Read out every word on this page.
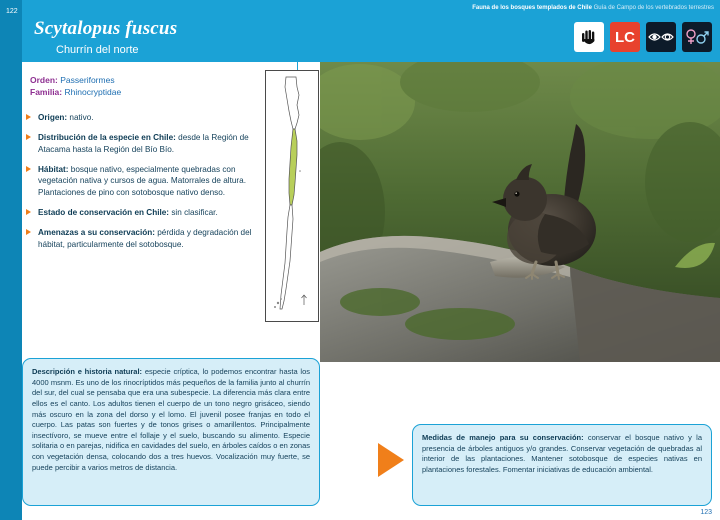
122	Fauna de los bosques templados de Chile Guía de Campo de los vertebrados terrestres
Scytalopus fuscus
Churrín del norte
LC
Orden: Passeriformes
Familia: Rhinocryptidae
Origen: nativo.
Distribución de la especie en Chile: desde la Región de Atacama hasta la Región del Bío Bío.
Hábitat: bosque nativo, especialmente quebradas con vegetación nativa y cursos de agua. Matorrales de altura. Plantaciones de pino con sotobosque nativo denso.
Estado de conservación en Chile: sin clasificar.
Amenazas a su conservación: pérdida y degradación del hábitat, particularmente del sotobosque.

Descripción e historia natural: especie críptica, lo podemos encontrar hasta los 4000 msnm. Es uno de los rinocríptidos más pequeños de la familia junto al churrín del sur, del cual se pensaba que era una subespecie. La diferencia más clara entre ellos es el canto. Los adultos tienen el cuerpo de un tono negro grisáceo, siendo más oscuro en la zona del dorso y el lomo. El juvenil posee franjas en todo el cuerpo. Las patas son fuertes y de tonos grises o amarillentos. Principalmente insectívoro, se mueve entre el follaje y el suelo, buscando su alimento. Especie solitaria o en parejas, nidifica en cavidades del suelo, en árboles caídos o en zonas con vegetación densa, colocando dos a tres huevos. Vocalización muy fuerte, se puede percibir a varios metros de distancia.

Medidas de manejo para su conservación: conservar el bosque nativo y la presencia de árboles antiguos y/o grandes. Conservar vegetación de quebradas al interior de las plantaciones. Mantener sotobosque de especies nativas en plantaciones forestales. Fomentar iniciativas de educación ambiental.

123
